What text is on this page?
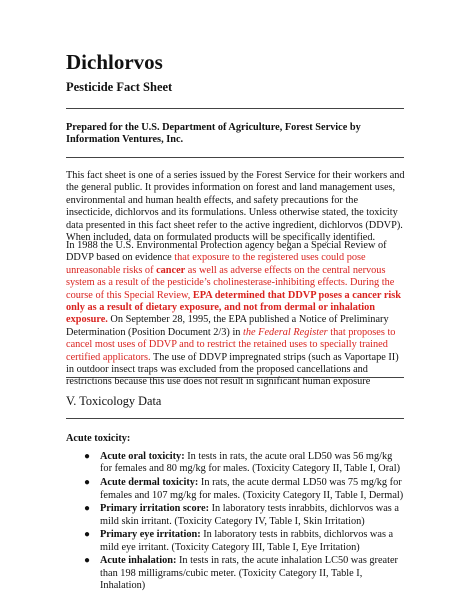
Dichlorvos
Pesticide Fact Sheet
Prepared for the U.S. Department of Agriculture, Forest Service by Information Ventures, Inc.
This fact sheet is one of a series issued by the Forest Service for their workers and the general public. It provides information on forest and land management uses, environmental and human health effects, and safety precautions for the insecticide, dichlorvos and its formulations. Unless otherwise stated, the toxicity data presented in this fact sheet refer to the active ingredient, dichlorvos (DDVP). When included, data on formulated products will be specifically identified.
In 1988 the U.S. Environmental Protection agency began a Special Review of DDVP based on evidence that exposure to the registered uses could pose unreasonable risks of cancer as well as adverse effects on the central nervous system as a result of the pesticide’s cholinesterase-inhibiting effects. During the course of this Special Review, EPA determined that DDVP poses a cancer risk only as a result of dietary exposure, and not from dermal or inhalation exposure. On September 28, 1995, the EPA published a Notice of Preliminary Determination (Position Document 2/3) in the Federal Register that proposes to cancel most uses of DDVP and to restrict the retained uses to specially trained certified applicators. The use of DDVP impregnated strips (such as Vaportape II) in outdoor insect traps was excluded from the proposed cancellations and restrictions because this use does not result in significant human exposure
V. Toxicology Data
Acute toxicity:
● Acute oral toxicity: In tests in rats, the acute oral LD50 was 56 mg/kg for females and 80 mg/kg for males. (Toxicity Category II, Table I, Oral)
● Acute dermal toxicity: In rats, the acute dermal LD50 was 75 mg/kg for females and 107 mg/kg for males. (Toxicity Category II, Table I, Dermal)
● Primary irritation score: In laboratory tests inrabbits, dichlorvos was a mild skin irritant. (Toxicity Category IV, Table I, Skin Irritation)
● Primary eye irritation: In laboratory tests in rabbits, dichlorvos was a mild eye irritant. (Toxicity Category III, Table I, Eye Irritation)
● Acute inhalation: In tests in rats, the acute inhalation LC50 was greater than 198 milligrams/cubic meter. (Toxicity Category II, Table I, Inhalation)
